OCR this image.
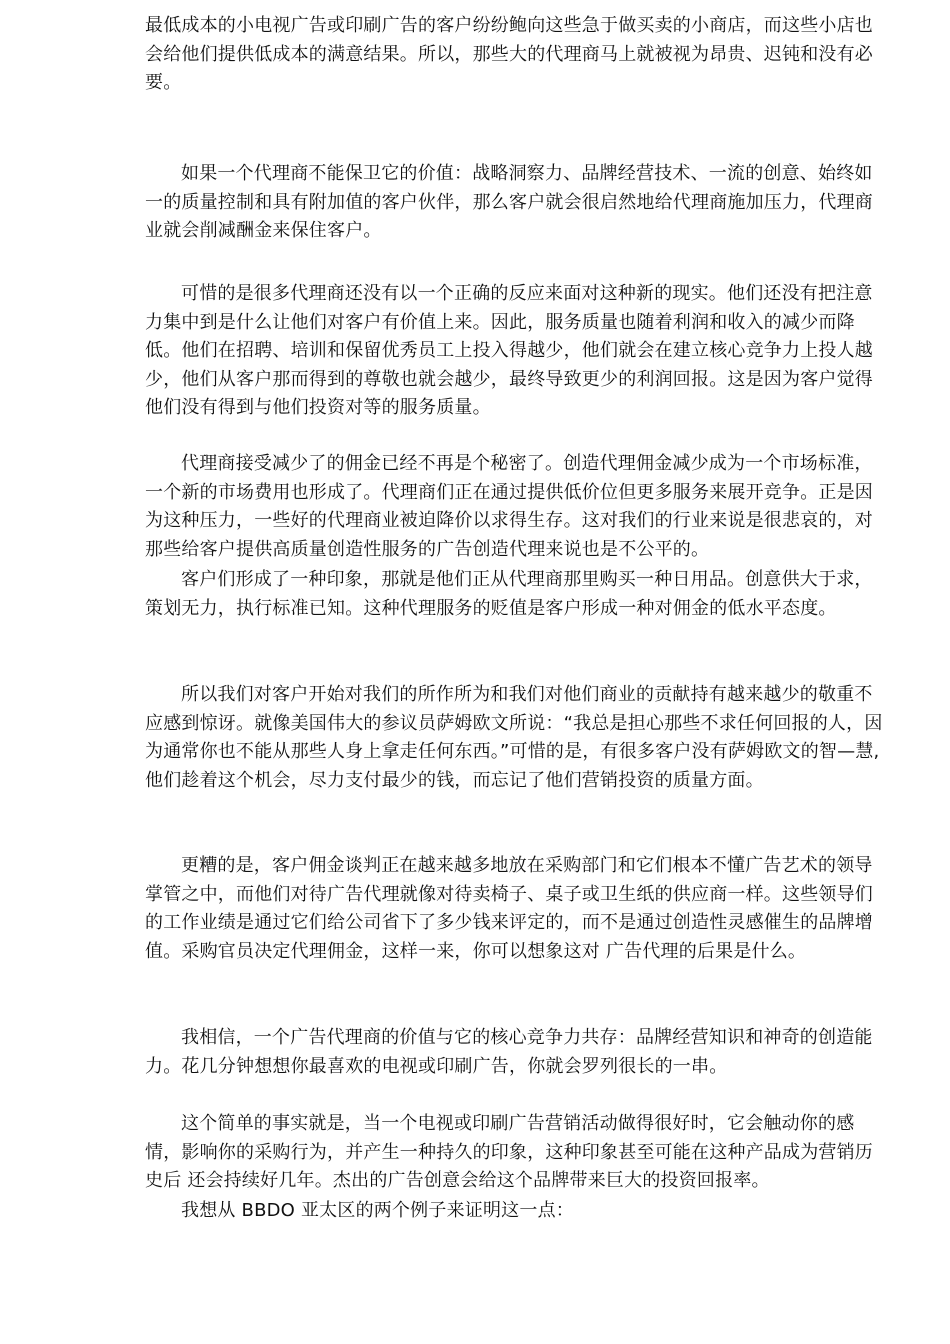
最低成本的小电视广告或印刷广告的客户纷纷鲍向这些急于做买卖的小商店，而这些小店也会给他们提供低成本的满意结果。所以，那些大的代理商马上就被视为昂贵、迟钝和没有必要。

如果一个代理商不能保卫它的价值：战略洞察力、品牌经营技术、一流的创意、始终如一的质量控制和具有附加值的客户伙伴，那么客户就会很启然地给代理商施加压力，代理商业就会削减酬金来保住客户。

可惜的是很多代理商还没有以一个正确的反应来面对这种新的现实。他们还没有把注意力集中到是什么让他们对客户有价值上来。因此，服务质量也随着利润和收入的减少而降低。他们在招聘、培训和保留优秀员工上投入得越少，他们就会在建立核心竞争力上投人越少，他们从客户那而得到的尊敬也就会越少，最终导致更少的利润回报。这是因为客户觉得他们没有得到与他们投资对等的服务质量。

代理商接受减少了的佣金已经不再是个秘密了。创造代理佣金减少成为一个市场标准，一个新的市场费用也形成了。代理商们正在通过提供低价位但更多服务来展开竞争。正是因为这种压力，一些好的代理商业被迫降价以求得生存。这对我们的行业来说是很悲哀的，对那些给客户提供高质量创造性服务的广告创造代理来说也是不公平的。

客户们形成了一种印象，那就是他们正从代理商那里购买一种日用品。创意供大于求，策划无力，执行标准已知。这种代理服务的贬值是客户形成一种对佣金的低水平态度。

所以我们对客户开始对我们的所作所为和我们对他们商业的贡献持有越来越少的敬重不应感到惊讶。就像美国伟大的参议员萨姆欧文所说：“我总是担心那些不求任何回报的人，因为通常你也不能从那些人身上拿走任何东西。”可惜的是，有很多客户没有萨姆欧文的智—慧,他们趁着这个机会，尽力支付最少的钱，而忘记了他们营销投资的质量方面。

更糟的是，客户佣金谈判正在越来越多地放在采购部门和它们根本不懂广告艺术的领导掌管之中，而他们对待广告代理就像对待卖椅子、桌子或卫生纸的供应商一样。这些领导们 的工作业绩是通过它们给公司省下了多少钱来评定的，而不是通过创造性灵感催生的品牌增值。采购官员决定代理佣金，这样一来，你可以想象这对 广告代理的后果是什么。

我相信，一个广告代理商的价值与它的核心竞争力共存：品牌经营知识和神奇的创造能力。花几分钟想想你最喜欢的电视或印刷广告，你就会罗列很长的一串。

这个简单的事实就是，当一个电视或印刷广告营销活动做得很好时，它会触动你的感情，影响你的采购行为，并产生一种持久的印象，这种印象甚至可能在这种产品成为营销历史后 还会持续好几年。杰出的广告创意会给这个品牌带来巨大的投资回报率。

我想从 BBDO 亚太区的两个例子来证明这一点：
